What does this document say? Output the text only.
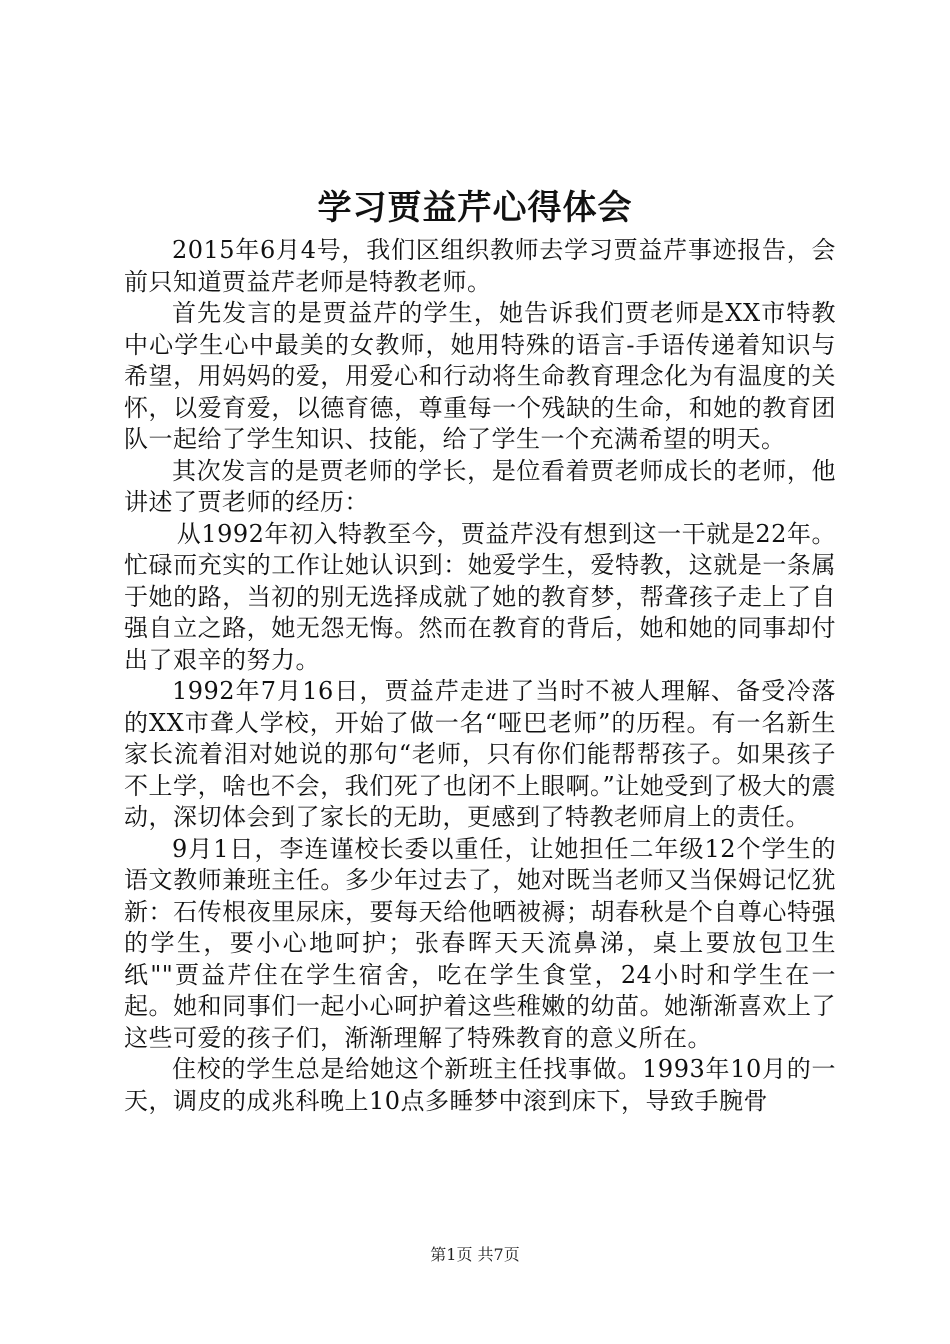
学习贾益芹心得体会

2015年6月4号，我们区组织教师去学习贾益芹事迹报告，会前只知道贾益芹老师是特教老师。

首先发言的是贾益芹的学生，她告诉我们贾老师是XX市特教中心学生心中最美的女教师，她用特殊的语言-手语传递着知识与希望，用妈妈的爱，用爱心和行动将生命教育理念化为有温度的关怀，以爱育爱，以德育德，尊重每一个残缺的生命，和她的教育团队一起给了学生知识、技能，给了学生一个充满希望的明天。

其次发言的是贾老师的学长，是位看着贾老师成长的老师，他讲述了贾老师的经历：

从1992年初入特教至今，贾益芹没有想到这一干就是22年。忙碌而充实的工作让她认识到：她爱学生，爱特教，这就是一条属于她的路，当初的别无选择成就了她的教育梦，帮聋孩子走上了自强自立之路，她无怨无悔。然而在教育的背后，她和她的同事却付出了艰辛的努力。

1992年7月16日，贾益芹走进了当时不被人理解、备受冷落的XX市聋人学校，开始了做一名“哑巴老师”的历程。有一名新生家长流着泪对她说的那句“老师，只有你们能帮帮孩子。如果孩子不上学，啥也不会，我们死了也闭不上眼啊。”让她受到了极大的震动，深切体会到了家长的无助，更感到了特教老师肩上的责任。

9月1日，李连谨校长委以重任，让她担任二年级12个学生的语文教师兼班主任。多少年过去了，她对既当老师又当保姆记忆犹新：石传根夜里尿床，要每天给他晒被褥；胡春秋是个自尊心特强的学生，要小心地呵护；张春晖天天流鼻涕，桌上要放包卫生纸""贾益芹住在学生宿舍，吃在学生食堂，24小时和学生在一起。她和同事们一起小心呵护着这些稚嫩的幼苗。她渐渐喜欢上了这些可爱的孩子们，渐渐理解了特殊教育的意义所在。

住校的学生总是给她这个新班主任找事做。1993年10月的一天，调皮的成兆科晚上10点多睡梦中滚到床下，导致手腕骨

第1页 共7页
